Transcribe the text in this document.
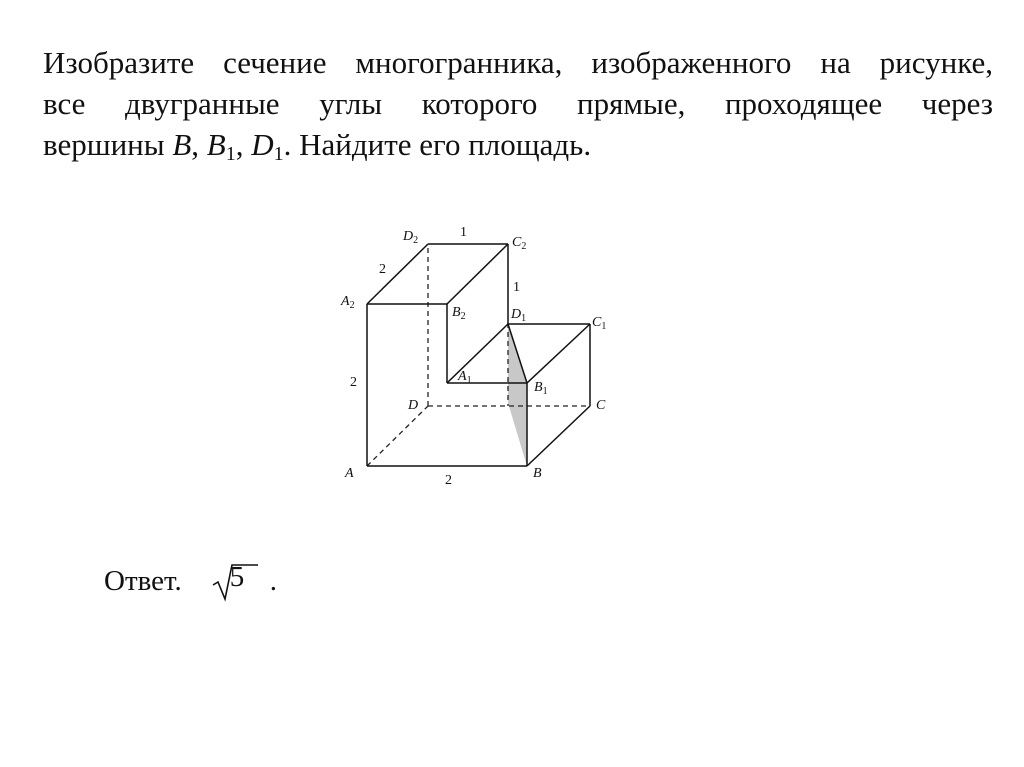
Изобразите сечение многогранника, изображенного на рисунке,
все двугранные углы которого прямые, проходящее через
вершины B, $B_1$, $D_1$. Найдите его площадь.
A	B
C
D
$A_1$	$B_1$
$C_1$
$D_1$
$A_2$	$B_2$
$C_2$
$D_2$
1
2
2
2
1
Ответ. 5 .
